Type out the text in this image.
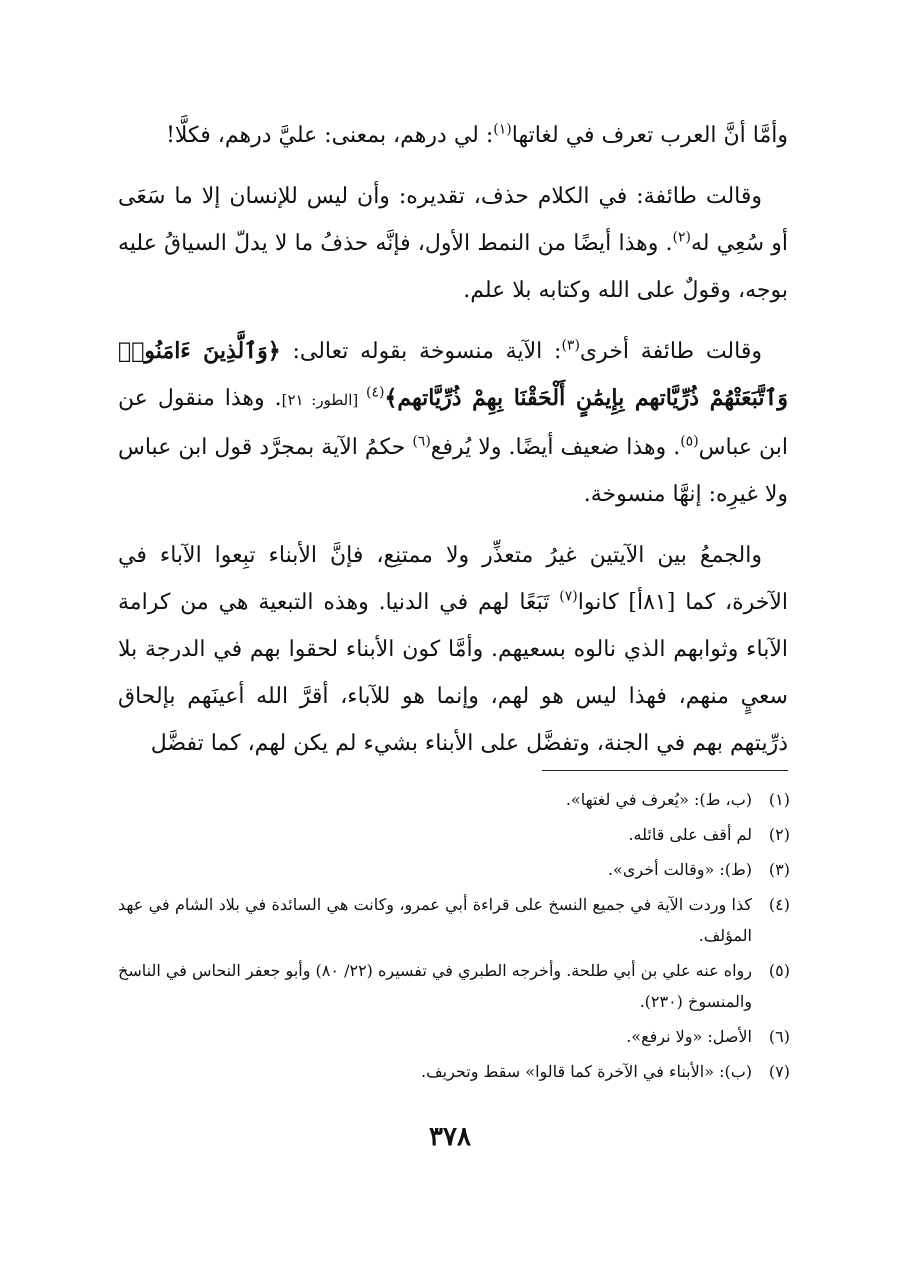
وأمَّا أنَّ العرب تعرف في لغاتها$^{(١)}$: لي درهم، بمعنى: عليَّ درهم، فكلَّا!

وقالت طائفة: في الكلام حذف، تقديره: وأن ليس للإنسان إلا ما سَعَى أو سُعِي له$^{(٢)}$. وهذا أيضًا من النمط الأول، فإنَّه حذفُ ما لا يدلّ السياقُ عليه بوجه، وقولٌ على الله وكتابه بلا علم.

وقالت طائفة أخرى$^{(٣)}$: الآية منسوخة بقوله تعالى: ﴿وَٱلَّذِينَ ءَامَنُوا۟ وَٱتَّبَعَتْهُمْ ذُرِّيَّاتهم بِإِيمَٰنٍ أَلْحَقْنَا بِهِمْ ذُرِّيَّاتهم﴾$^{(٤)}$ [الطور: ٢١]. وهذا منقول عن ابن عباس$^{(٥)}$. وهذا ضعيف أيضًا. ولا يُرفع$^{(٦)}$ حكمُ الآية بمجرَّد قول ابن عباس ولا غيرِه: إنهَّا منسوخة.

والجمعُ بين الآيتين غيرُ متعذِّر ولا ممتنِع، فإنَّ الأبناء تبِعوا الآباء في الآخرة، كما [٨١أ] كانوا$^{(٧)}$ تَبَعًا لهم في الدنيا. وهذه التبعية هي من كرامة الآباء وثوابهم الذي نالوه بسعيهم. وأمَّا كون الأبناء لحقوا بهم في الدرجة بلا سعيٍ منهم، فهذا ليس هو لهم، وإنما هو للآباء، أقرَّ الله أعينَهم بإلحاق ذرِّيتهم بهم في الجنة، وتفضَّل على الأبناء بشيء لم يكن لهم، كما تفضَّل

(١)
(ب، ط): «يُعرف في لغتها».
(٢)
لم أقف على قائله.
(٣)
(ط): «وقالت أخرى».
(٤)
كذا وردت الآية في جميع النسخ على قراءة أبي عمرو، وكانت هي السائدة في بلاد الشام في عهد المؤلف.
(٥)
رواه عنه علي بن أبي طلحة. وأخرجه الطبري في تفسيره (٢٢/ ٨٠) وأبو جعفر النحاس في الناسخ والمنسوخ (٢٣٠).
(٦)
الأصل: «ولا نرفع».
(٧)
(ب): «الأبناء في الآخرة كما قالوا» سقط وتحريف.
٣٧٨
